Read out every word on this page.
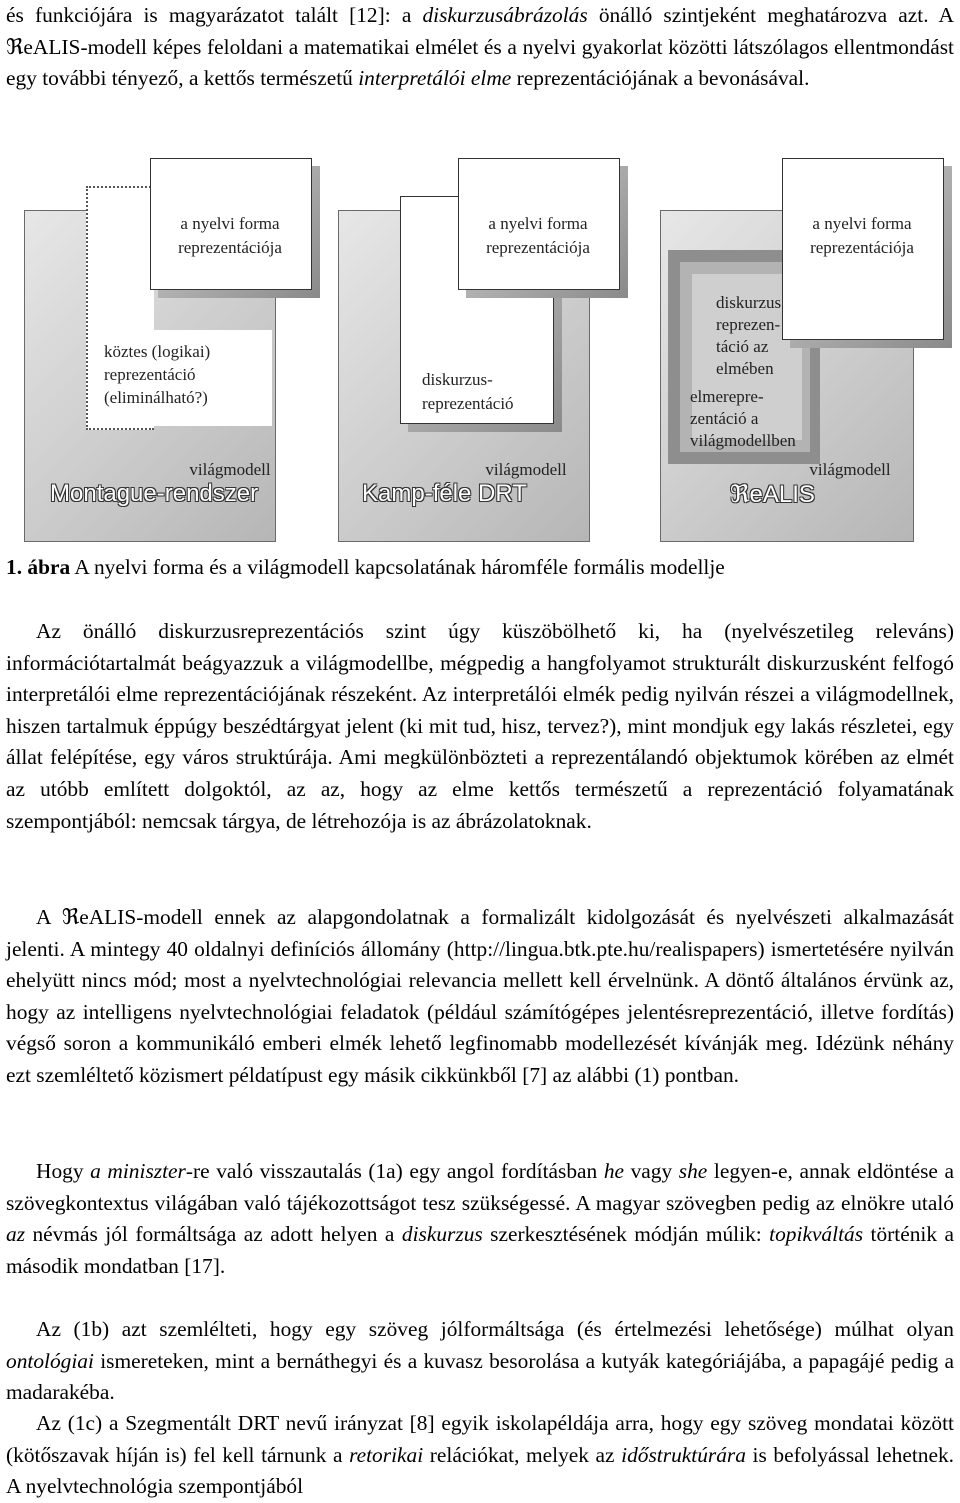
és funkciójára is magyarázatot talált [12]: a diskurzusábrázolás önálló szintjeként meghatározva azt. A ℜeALIS-modell képes feloldani a matematikai elmélet és a nyelvi gyakorlat közötti látszólagos ellentmondást egy további tényező, a kettős természetű interpretálói elme reprezentációjának a bevonásával.

a nyelvi forma
reprezentációja
köztes (logikai)
reprezentáció
(eliminálható?)
világmodell
Montague-rendszer
a nyelvi forma
reprezentációja
diskurzus-
reprezentáció
világmodell
Kamp-féle DRT
diskurzus
reprezen-
táció az
elmében
elmerepre-
zentáció a
világmodellben
a nyelvi forma
reprezentációja
világmodell
ℜeALIS
1. ábra A nyelvi forma és a világmodell kapcsolatának háromféle formális modellje

Az önálló diskurzusreprezentációs szint úgy küszöbölhető ki, ha (nyelvészetileg releváns) információtartalmát beágyazzuk a világmodellbe, mégpedig a hangfolyamot strukturált diskurzusként felfogó interpretálói elme reprezentációjának részeként. Az interpretálói elmék pedig nyilván részei a világmodellnek, hiszen tartalmuk éppúgy beszédtárgyat jelent (ki mit tud, hisz, tervez?), mint mondjuk egy lakás részletei, egy állat felépítése, egy város struktúrája. Ami megkülönbözteti a reprezentálandó objektumok körében az elmét az utóbb említett dolgoktól, az az, hogy az elme kettős természetű a reprezentáció folyamatának szempontjából: nemcsak tárgya, de létrehozója is az ábrázolatoknak.

A ℜeALIS-modell ennek az alapgondolatnak a formalizált kidolgozását és nyelvészeti alkalmazását jelenti. A mintegy 40 oldalnyi definíciós állomány (http://lingua.btk.pte.hu/realispapers) ismertetésére nyilván ehelyütt nincs mód; most a nyelvtechnológiai relevancia mellett kell érvelnünk. A döntő általános érvünk az, hogy az intelligens nyelvtechnológiai feladatok (például számítógépes jelentésreprezentáció, illetve fordítás) végső soron a kommunikáló emberi elmék lehető legfinomabb modellezését kívánják meg. Idézünk néhány ezt szemléltető közismert példatípust egy másik cikkünkből [7] az alábbi (1) pontban.

Hogy a miniszter-re való visszautalás (1a) egy angol fordításban he vagy she legyen-e, annak eldöntése a szövegkontextus világában való tájékozottságot tesz szükségessé. A magyar szövegben pedig az elnökre utaló az névmás jól formáltsága az adott helyen a diskurzus szerkesztésének módján múlik: topikváltás történik a második mondatban [17].

Az (1b) azt szemlélteti, hogy egy szöveg jólformáltsága (és értelmezési lehetősége) múlhat olyan ontológiai ismereteken, mint a bernáthegyi és a kuvasz besorolása a kutyák kategóriájába, a papagájé pedig a madarakéba.

Az (1c) a Szegmentált DRT nevű irányzat [8] egyik iskolapéldája arra, hogy egy szöveg mondatai között (kötőszavak híján is) fel kell tárnunk a retorikai relációkat, melyek az időstruktúrára is befolyással lehetnek. A nyelvtechnológia szempontjából
